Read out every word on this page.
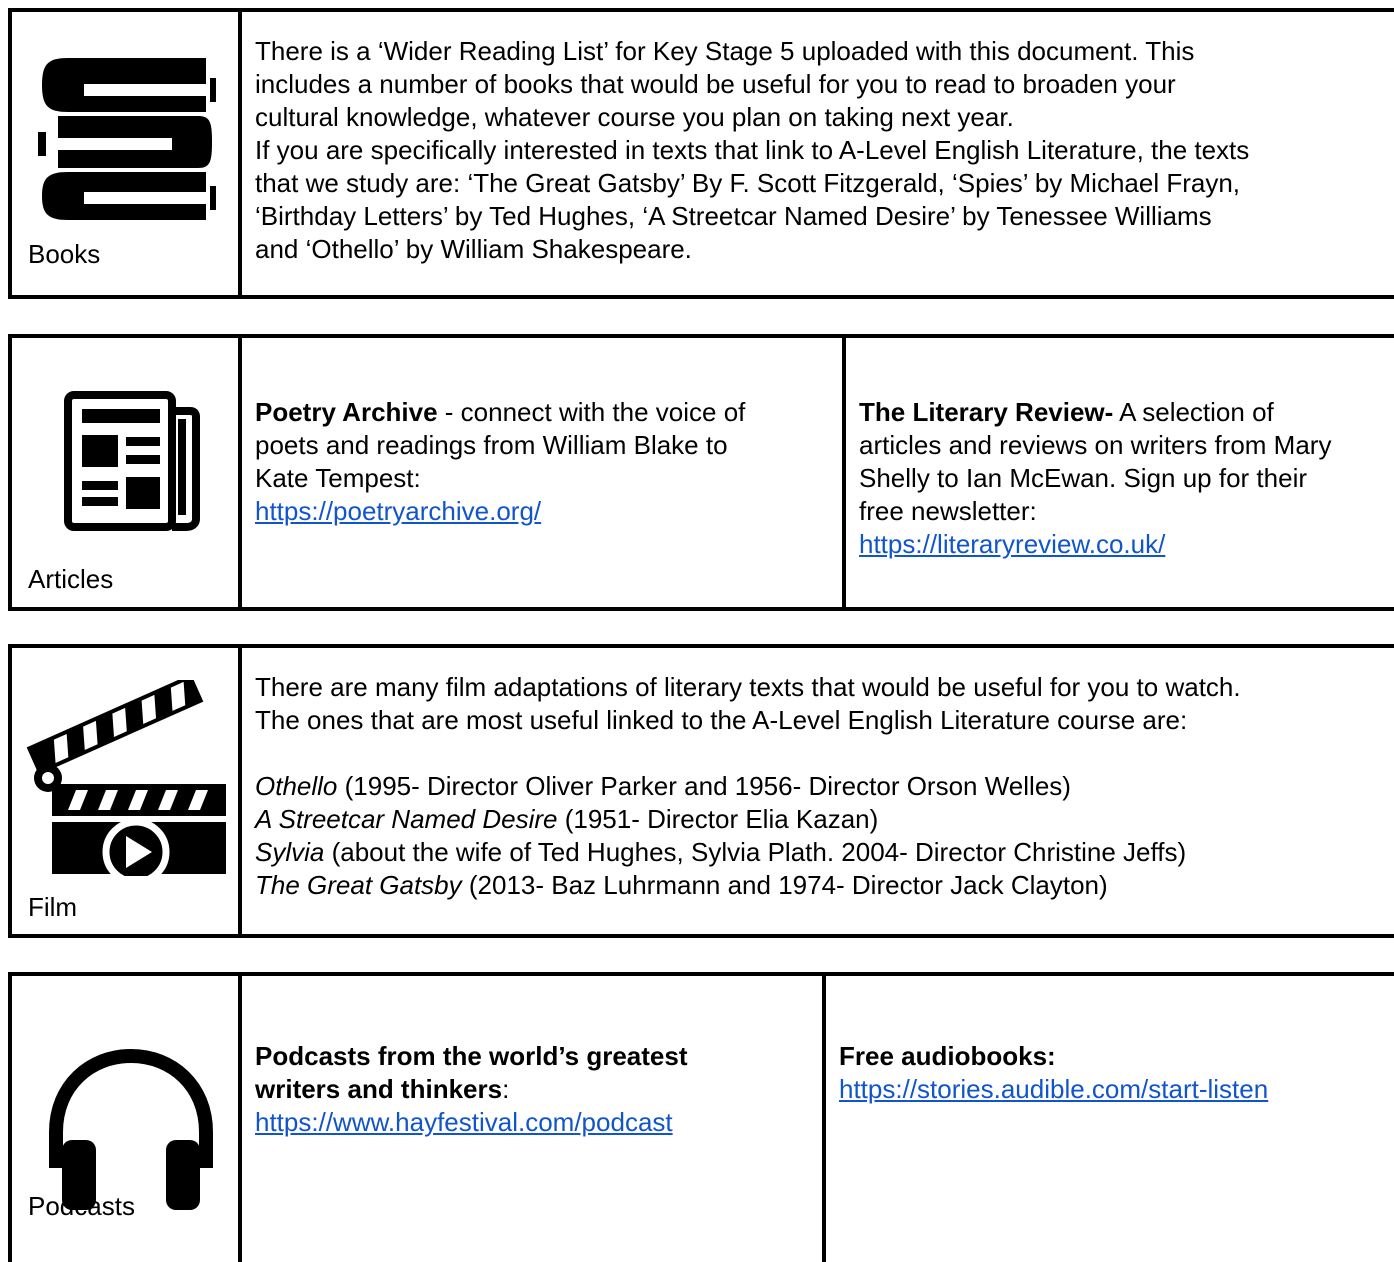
Books

There is a ‘Wider Reading List’ for Key Stage 5 uploaded with this document. This

includes a number of books that would be useful for you to read to broaden your

cultural knowledge, whatever course you plan on taking next year.

If you are specifically interested in texts that link to A-Level English Literature, the texts

that we study are: ‘The Great Gatsby’ By F. Scott Fitzgerald, ‘Spies’ by Michael Frayn,

‘Birthday Letters’ by Ted Hughes, ‘A Streetcar Named Desire’ by Tenessee Williams

and ‘Othello’ by William Shakespeare.

Articles

Poetry Archive - connect with the voice of

poets and readings from William Blake to

Kate Tempest:

https://poetryarchive.org/

The Literary Review- A selection of

articles and reviews on writers from Mary

Shelly to Ian McEwan. Sign up for their

free newsletter:

https://literaryreview.co.uk/

Film

There are many film adaptations of literary texts that would be useful for you to watch.

The ones that are most useful linked to the A-Level English Literature course are:

Othello (1995- Director Oliver Parker and 1956- Director Orson Welles)

A Streetcar Named Desire (1951- Director Elia Kazan)

Sylvia (about the wife of Ted Hughes, Sylvia Plath. 2004- Director Christine Jeffs)

The Great Gatsby (2013- Baz Luhrmann and 1974- Director Jack Clayton)

Podcasts

Podcasts from the world’s greatest

writers and thinkers:

https://www.hayfestival.com/podcast

Free audiobooks:

https://stories.audible.com/start-listen
